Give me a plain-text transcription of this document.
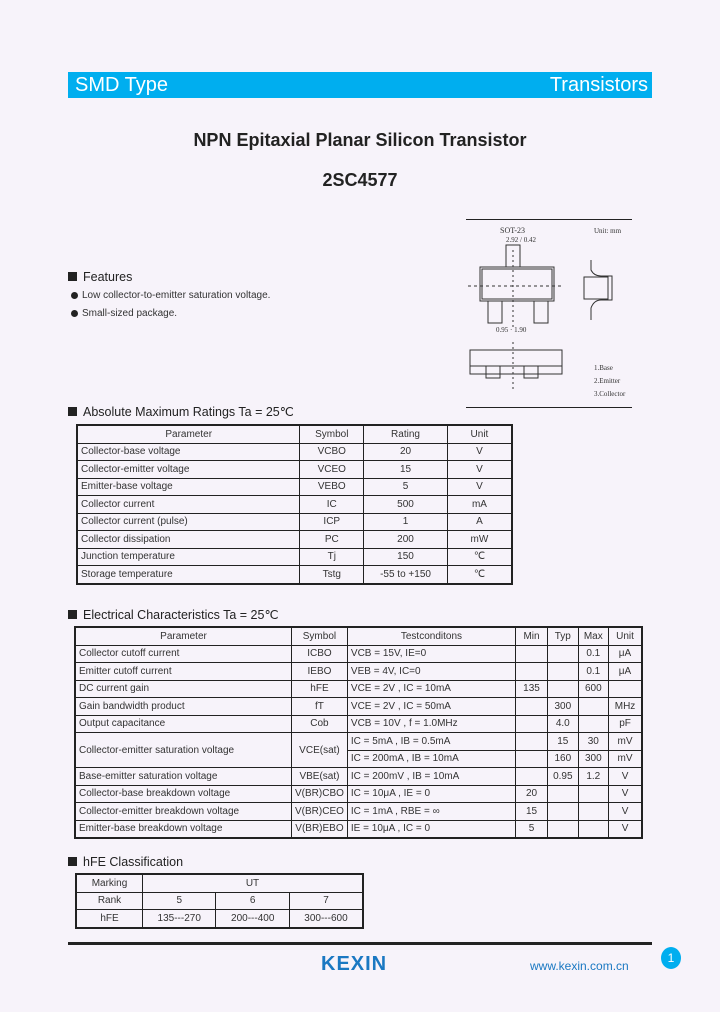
SMD Type	Transistors
NPN Epitaxial Planar Silicon Transistor
2SC4577
SOT-23	Unit: mm
2.92 / 0.42
0.95 · 1.90
1.Base
2.Emitter
3.Collector
Features
Low collector-to-emitter saturation voltage.
Small-sized package.
Absolute Maximum Ratings Ta = 25℃
Parameter	Symbol	Rating	Unit
Collector-base voltage	VCBO	20	V
Collector-emitter voltage	VCEO	15	V
Emitter-base voltage	VEBO	5	V
Collector current	IC	500	mA
Collector current (pulse)	ICP	1	A
Collector dissipation	PC	200	mW
Junction temperature	Tj	150	℃
Storage temperature	Tstg	-55 to +150	℃
Electrical Characteristics Ta = 25℃
Parameter	Symbol	Testconditons	Min	Typ	Max	Unit
Collector cutoff current	ICBO	VCB = 15V, IE=0			0.1	μA
Emitter cutoff current	IEBO	VEB = 4V, IC=0			0.1	μA
DC current gain	hFE	VCE = 2V , IC = 10mA	135		600	
Gain bandwidth product	fT	VCE = 2V , IC = 50mA		300		MHz
Output capacitance	Cob	VCB = 10V , f = 1.0MHz		4.0		pF
Collector-emitter saturation voltage	VCE(sat)	IC = 5mA , IB = 0.5mA		15	30	mV
		IC = 200mA , IB = 10mA		160	300	mV
Base-emitter saturation voltage	VBE(sat)	IC = 200mV , IB = 10mA		0.95	1.2	V
Collector-base breakdown voltage	V(BR)CBO	IC = 10μA , IE = 0	20			V
Collector-emitter breakdown voltage	V(BR)CEO	IC = 1mA , RBE = ∞	15			V
Emitter-base breakdown voltage	V(BR)EBO	IE = 10μA , IC = 0	5			V
hFE Classification
Marking	UT		
Rank	5	6	7
hFE	135---270	200---400	300---600
KEXIN	www.kexin.com.cn
1
